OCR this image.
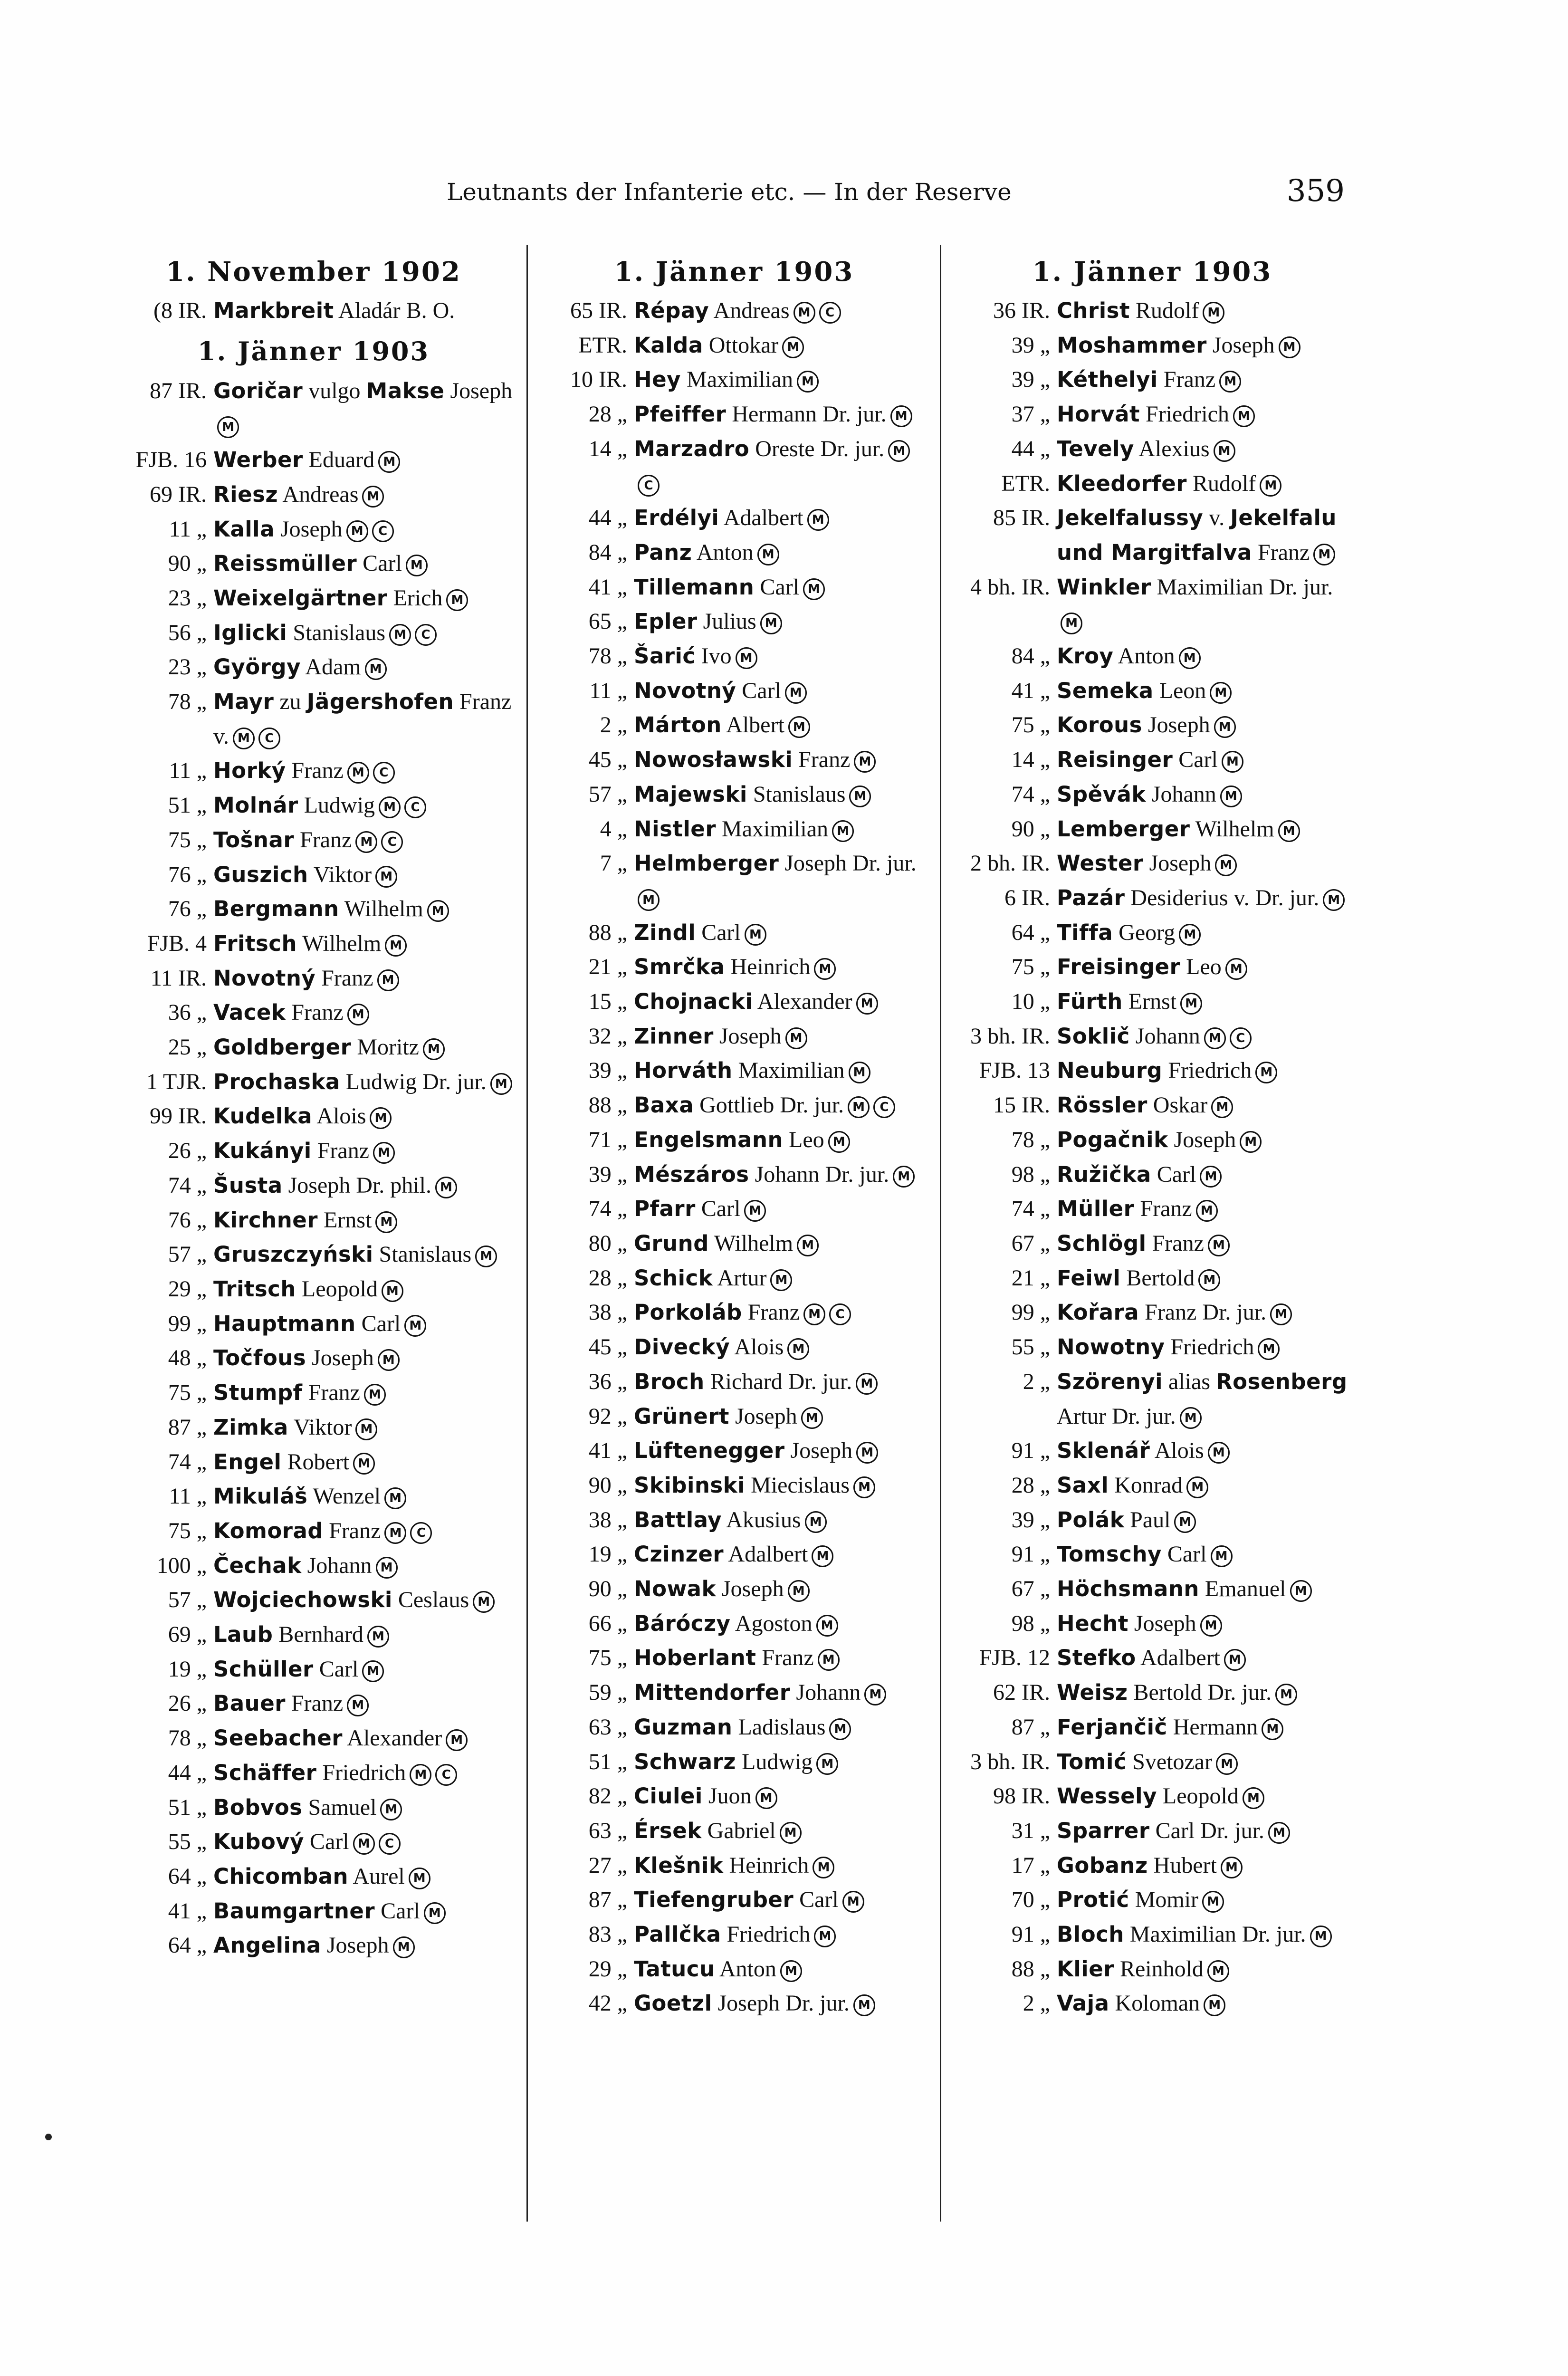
Leutnants der Infanterie etc. — In der Reserve	359
1. November 1902
(8 IR. Markbreit Aladár B. O.
1. Jänner 1903
87 IR. Goričar vulgo Makse JosephM
FJB. 16 Werber Eduard M
69 IR. Riesz Andreas M
11 „ Kalla Joseph M C
90 „ Reissmüller Carl M
23 „ Weixelgärtner Erich M
56 „ Iglicki Stanislaus M C
23 „ György Adam M
78 „ Mayr zu Jägershofen Franz v. M C
11 „ Horký Franz M C
51 „ Molnár Ludwig M C
75 „ Tošnar Franz M C
76 „ Guszich Viktor M
76 „ Bergmann Wilhelm M
FJB. 4 Fritsch Wilhelm M
11 IR. Novotný Franz M
36 „ Vacek Franz M
25 „ Goldberger Moritz M
1 TJR. Prochaska Ludwig Dr. jur. M
99 IR. Kudelka Alois M
26 „ Kukányi Franz M
74 „ Šusta Joseph Dr. phil. M
76 „ Kirchner Ernst M
57 „ Gruszczyński Stanislaus M
29 „ Tritsch Leopold M
99 „ Hauptmann Carl M
48 „ Točfous Joseph M
75 „ Stumpf Franz M
87 „ Zimka Viktor M
74 „ Engel Robert M
11 „ Mikuláš Wenzel M
75 „ Komorad Franz M C
100 „ Čechak Johann M
57 „ Wojciechowski Ceslaus M
69 „ Laub Bernhard M
19 „ Schüller Carl M
26 „ Bauer Franz M
78 „ Seebacher Alexander M
44 „ Schäffer Friedrich M C
51 „ Bobvos Samuel M
55 „ Kubový Carl M C
64 „ Chicomban Aurel M
41 „ Baumgartner Carl M
64 „ Angelina Joseph M
1. Jänner 1903
65 IR. Répay Andreas M C
ETR. Kalda Ottokar M
10 IR. Hey Maximilian M
28 „ Pfeiffer Hermann Dr. jur. M
14 „ Marzadro Oreste Dr. jur. MC
44 „ Erdélyi Adalbert M
84 „ Panz Anton M
41 „ Tillemann Carl M
65 „ Epler Julius M
78 „ Šarić Ivo M
11 „ Novotný Carl M
2 „ Márton Albert M
45 „ Nowosławski Franz M
57 „ Majewski Stanislaus M
4 „ Nistler Maximilian M
7 „ Helmberger Joseph Dr. jur.M
88 „ Zindl Carl M
21 „ Smrčka Heinrich M
15 „ Chojnacki Alexander M
32 „ Zinner Joseph M
39 „ Horváth Maximilian M
88 „ Baxa Gottlieb Dr. jur. M C
71 „ Engelsmann Leo M
39 „ Mészáros Johann Dr. jur. M
74 „ Pfarr Carl M
80 „ Grund Wilhelm M
28 „ Schick Artur M
38 „ Porkoláb Franz M C
45 „ Divecký Alois M
36 „ Broch Richard Dr. jur. M
92 „ Grünert Joseph M
41 „ Lüftenegger Joseph M
90 „ Skibinski Miecislaus M
38 „ Battlay Akusius M
19 „ Czinzer Adalbert M
90 „ Nowak Joseph M
66 „ Báróczy Agoston M
75 „ Hoberlant Franz M
59 „ Mittendorfer Johann M
63 „ Guzman Ladislaus M
51 „ Schwarz Ludwig M
82 „ Ciulei Juon M
63 „ Érsek Gabriel M
27 „ Klešnik Heinrich M
87 „ Tiefengruber Carl M
83 „ Pallčka Friedrich M
29 „ Tatucu Anton M
42 „ Goetzl Joseph Dr. jur. M
1. Jänner 1903
36 IR. Christ Rudolf M
39 „ Moshammer Joseph M
39 „ Kéthelyi Franz M
37 „ Horvát Friedrich M
44 „ Tevely Alexius M
ETR. Kleedorfer Rudolf M
85 IR. Jekelfalussy v. Jekelfalu und Margitfalva Franz M
4 bh. IR. Winkler Maximilian Dr. jur.M
84 „ Kroy Anton M
41 „ Semeka Leon M
75 „ Korous Joseph M
14 „ Reisinger Carl M
74 „ Spěvák Johann M
90 „ Lemberger Wilhelm M
2 bh. IR. Wester Joseph M
6 IR. Pazár Desiderius v. Dr. jur. M
64 „ Tiffa Georg M
75 „ Freisinger Leo M
10 „ Fürth Ernst M
3 bh. IR. Soklič Johann M C
FJB. 13 Neuburg Friedrich M
15 IR. Rössler Oskar M
78 „ Pogačnik Joseph M
98 „ Ružička Carl M
74 „ Müller Franz M
67 „ Schlögl Franz M
21 „ Feiwl Bertold M
99 „ Kořara Franz Dr. jur. M
55 „ Nowotny Friedrich M
2 „ Szörenyi alias Rosenberg Artur Dr. jur. M
91 „ Sklenář Alois M
28 „ Saxl Konrad M
39 „ Polák Paul M
91 „ Tomschy Carl M
67 „ Höchsmann Emanuel M
98 „ Hecht Joseph M
FJB. 12 Stefko Adalbert M
62 IR. Weisz Bertold Dr. jur. M
87 „ Ferjančič Hermann M
3 bh. IR. Tomić Svetozar M
98 IR. Wessely Leopold M
31 „ Sparrer Carl Dr. jur. M
17 „ Gobanz Hubert M
70 „ Protić Momir M
91 „ Bloch Maximilian Dr. jur. M
88 „ Klier Reinhold M
2 „ Vaja Koloman M
